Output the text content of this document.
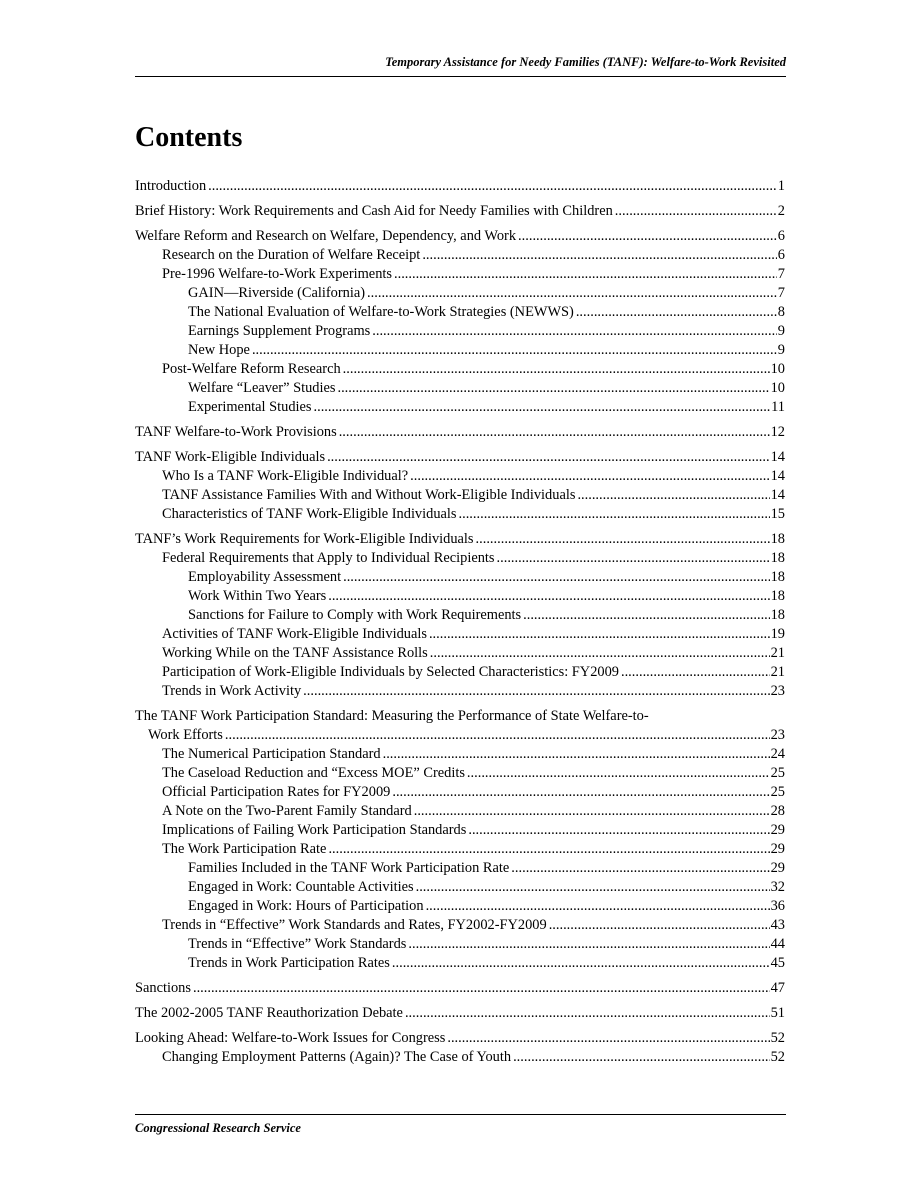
Temporary Assistance for Needy Families (TANF): Welfare-to-Work Revisited
Contents
Introduction .....	1
Brief History: Work Requirements and Cash Aid for Needy Families with Children .....	2
Welfare Reform and Research on Welfare, Dependency, and Work .....	6
Research on the Duration of Welfare Receipt .....	6
Pre-1996 Welfare-to-Work Experiments .....	7
GAIN—Riverside (California) .....	7
The National Evaluation of Welfare-to-Work Strategies (NEWWS) .....	8
Earnings Supplement Programs .....	9
New Hope .....	9
Post-Welfare Reform Research .....	10
Welfare “Leaver” Studies .....	10
Experimental Studies .....	11
TANF Welfare-to-Work Provisions .....	12
TANF Work-Eligible Individuals .....	14
Who Is a TANF Work-Eligible Individual? .....	14
TANF Assistance Families With and Without Work-Eligible Individuals .....	14
Characteristics of TANF Work-Eligible Individuals .....	15
TANF’s Work Requirements for Work-Eligible Individuals .....	18
Federal Requirements that Apply to Individual Recipients .....	18
Employability Assessment .....	18
Work Within Two Years .....	18
Sanctions for Failure to Comply with Work Requirements .....	18
Activities of TANF Work-Eligible Individuals .....	19
Working While on the TANF Assistance Rolls .....	21
Participation of Work-Eligible Individuals by Selected Characteristics: FY2009 .....	21
Trends in Work Activity .....	23
The TANF Work Participation Standard: Measuring the Performance of State Welfare-to-
Work Efforts .....	23
The Numerical Participation Standard .....	24
The Caseload Reduction and “Excess MOE” Credits .....	25
Official Participation Rates for FY2009 .....	25
A Note on the Two-Parent Family Standard .....	28
Implications of Failing Work Participation Standards .....	29
The Work Participation Rate .....	29
Families Included in the TANF Work Participation Rate .....	29
Engaged in Work: Countable Activities .....	32
Engaged in Work: Hours of Participation .....	36
Trends in “Effective” Work Standards and Rates, FY2002-FY2009 .....	43
Trends in “Effective” Work Standards .....	44
Trends in Work Participation Rates .....	45
Sanctions .....	47
The 2002-2005 TANF Reauthorization Debate .....	51
Looking Ahead: Welfare-to-Work Issues for Congress .....	52
Changing Employment Patterns (Again)? The Case of Youth .....	52
Congressional Research Service
